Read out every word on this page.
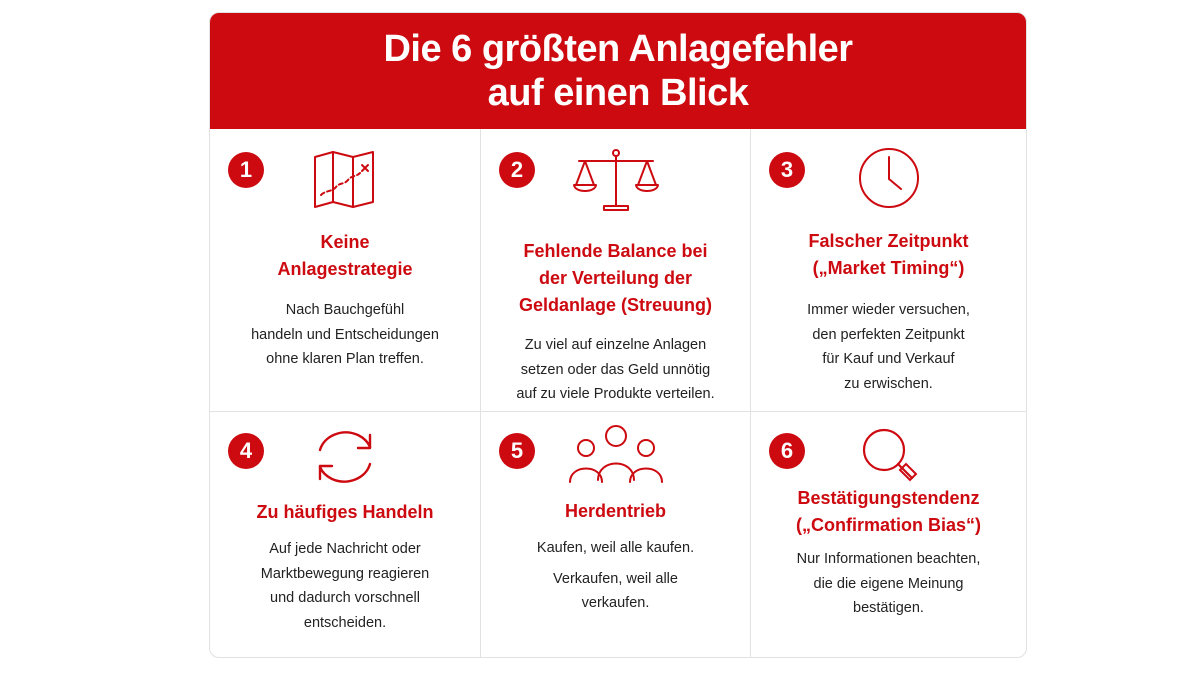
Die 6 größten Anlagefehler
auf einen Blick
1
Keine
Anlagestrategie
Nach Bauchgefühl
handeln und Entscheidungen
ohne klaren Plan treffen.
2
Fehlende Balance bei
der Verteilung der
Geldanlage (Streuung)
Zu viel auf einzelne Anlagen
setzen oder das Geld unnötig
auf zu viele Produkte verteilen.
3
Falscher Zeitpunkt
(„Market Timing“)
Immer wieder versuchen,
den perfekten Zeitpunkt
für Kauf und Verkauf
zu erwischen.
4
Zu häufiges Handeln
Auf jede Nachricht oder
Marktbewegung reagieren
und dadurch vorschnell
entscheiden.
5
Herdentrieb
Kaufen, weil alle kaufen.
Verkaufen, weil alle
verkaufen.
6
Bestätigungstendenz
(„Confirmation Bias“)
Nur Informationen beachten,
die die eigene Meinung
bestätigen.
